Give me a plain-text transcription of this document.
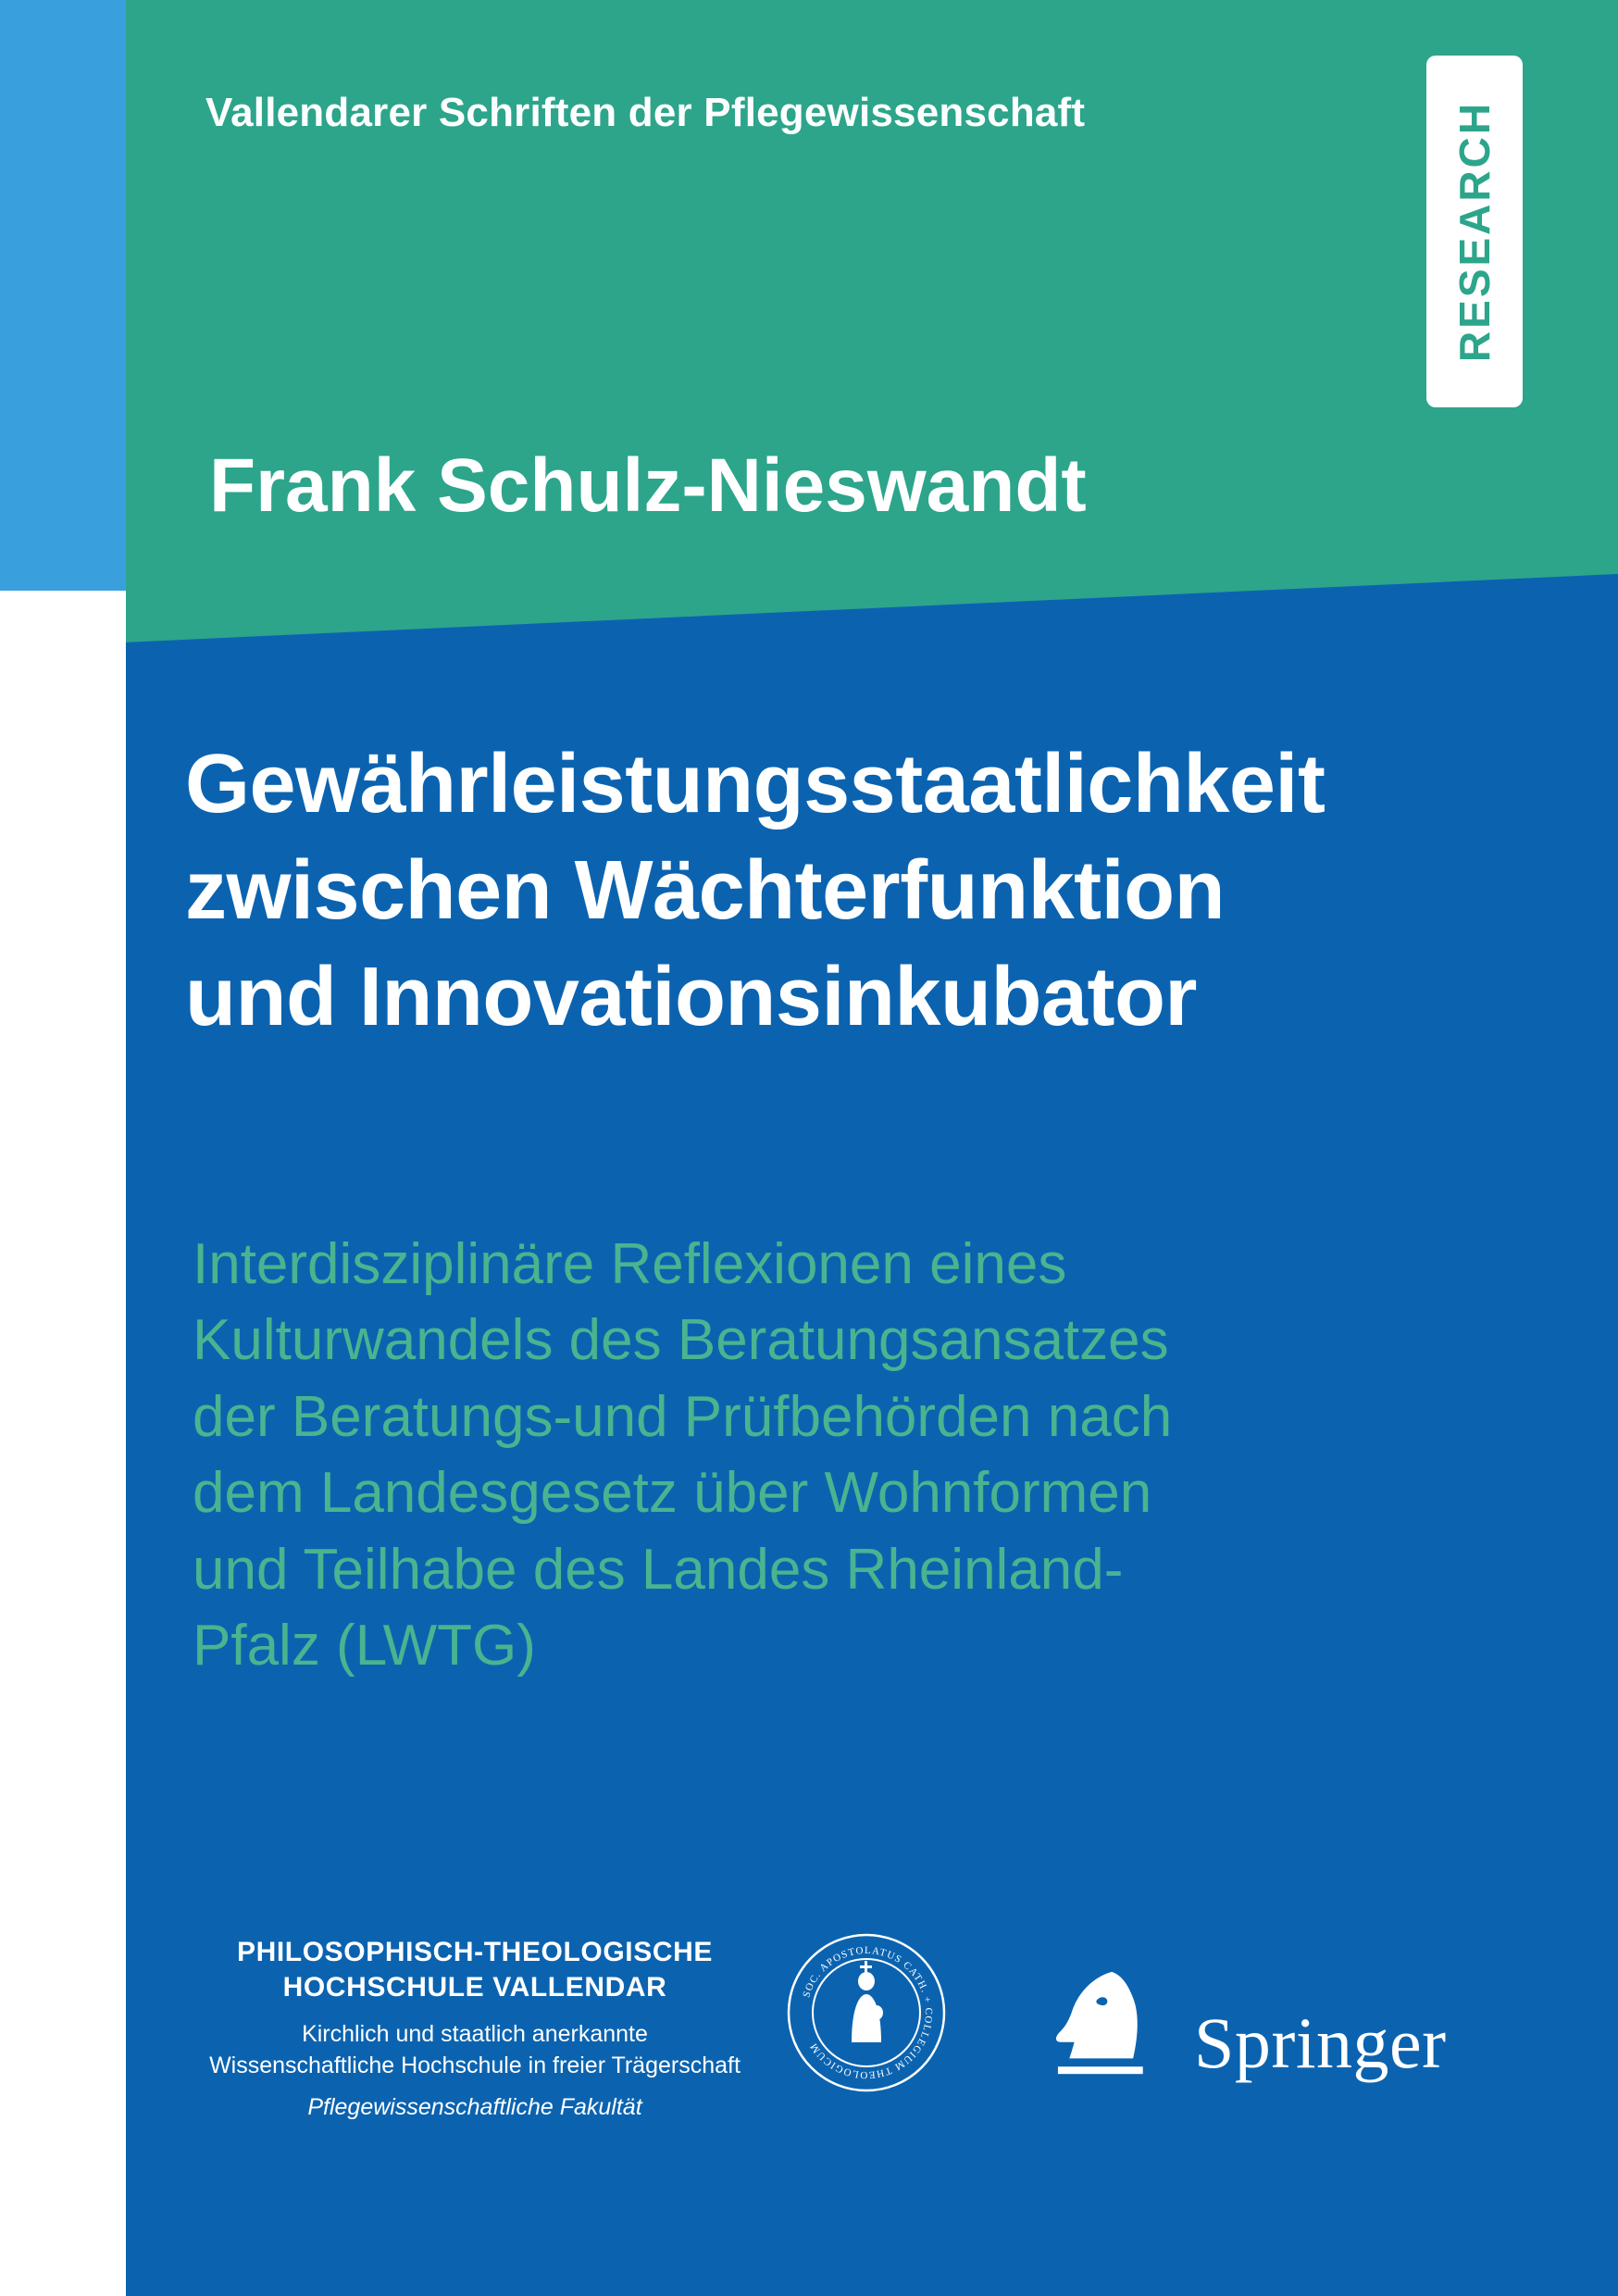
Vallendarer Schriften der Pflegewissenschaft	RESEARCH
Frank Schulz-Nieswandt
Gewährleistungsstaatlichkeit
zwischen Wächterfunktion
und Innovationsinkubator
Interdisziplinäre Reflexionen eines
Kulturwandels des Beratungsansatzes
der Beratungs-und Prüfbehörden nach
dem Landesgesetz über Wohnformen
und Teilhabe des Landes Rheinland-
Pfalz (LWTG)
PHILOSOPHISCH-THEOLOGISCHE
HOCHSCHULE VALLENDAR
Kirchlich und staatlich anerkannte
Wissenschaftliche Hochschule in freier Trägerschaft
Pflegewissenschaftliche Fakultät
SOC. APOSTOLATUS CATH. + COLLEGIUM THEOLOGICUM	Springer
